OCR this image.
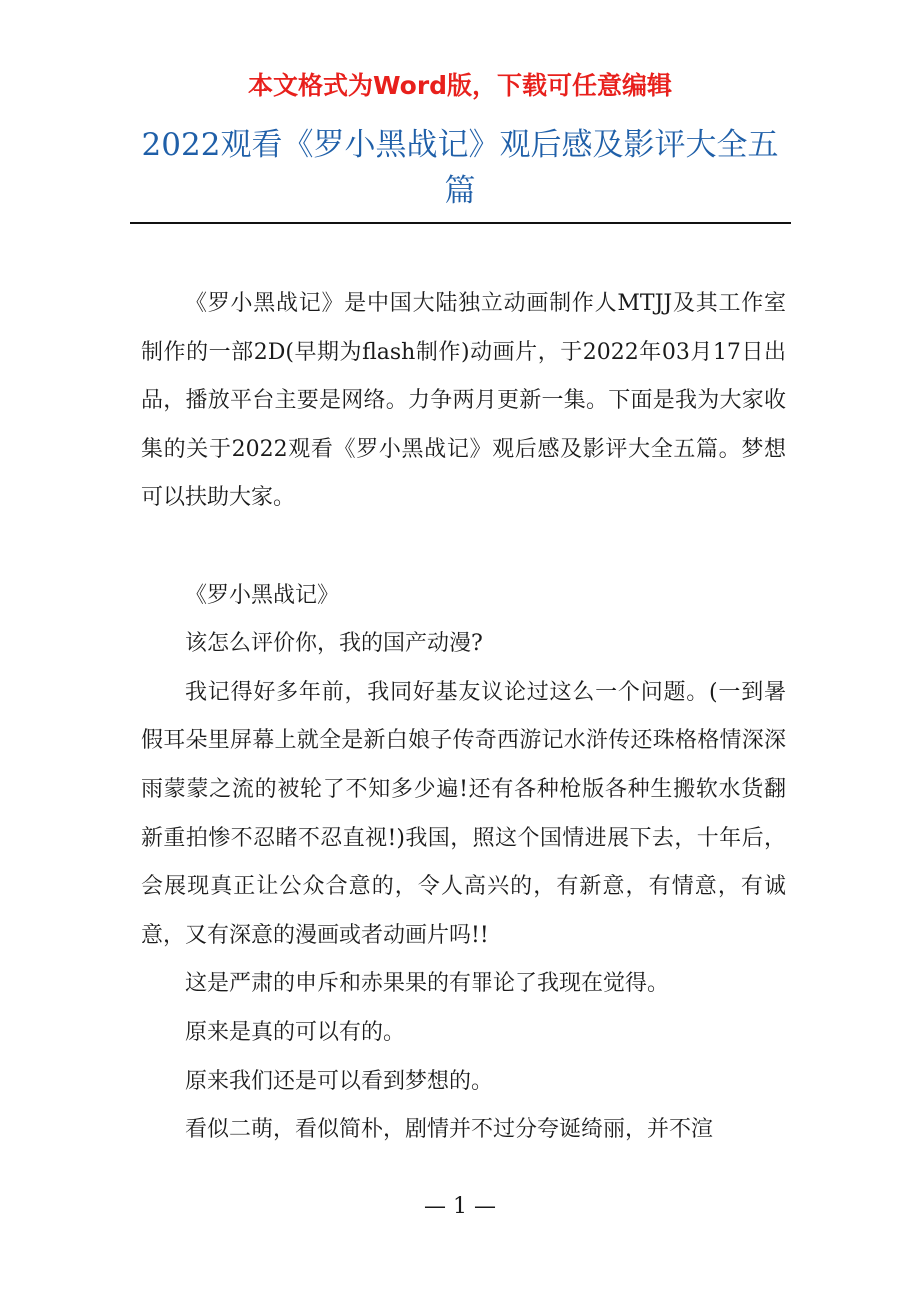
本文格式为Word版，下载可任意编辑
2022观看《罗小黑战记》观后感及影评大全五篇

《罗小黑战记》是中国大陆独立动画制作人MTJJ及其工作室制作的一部2D(早期为flash制作)动画片，于2022年03月17日出品，播放平台主要是网络。力争两月更新一集。下面是我为大家收集的关于2022观看《罗小黑战记》观后感及影评大全五篇。梦想可以扶助大家。

《罗小黑战记》

该怎么评价你，我的国产动漫?

我记得好多年前，我同好基友议论过这么一个问题。(一到暑假耳朵里屏幕上就全是新白娘子传奇西游记水浒传还珠格格情深深雨蒙蒙之流的被轮了不知多少遍!还有各种枪版各种生搬软水货翻新重拍惨不忍睹不忍直视!)我国，照这个国情进展下去，十年后，会展现真正让公众合意的，令人高兴的，有新意，有情意，有诚意，又有深意的漫画或者动画片吗!!

这是严肃的申斥和赤果果的有罪论了我现在觉得。

原来是真的可以有的。

原来我们还是可以看到梦想的。

看似二萌，看似简朴，剧情并不过分夸诞绮丽，并不渲

— 1 —
